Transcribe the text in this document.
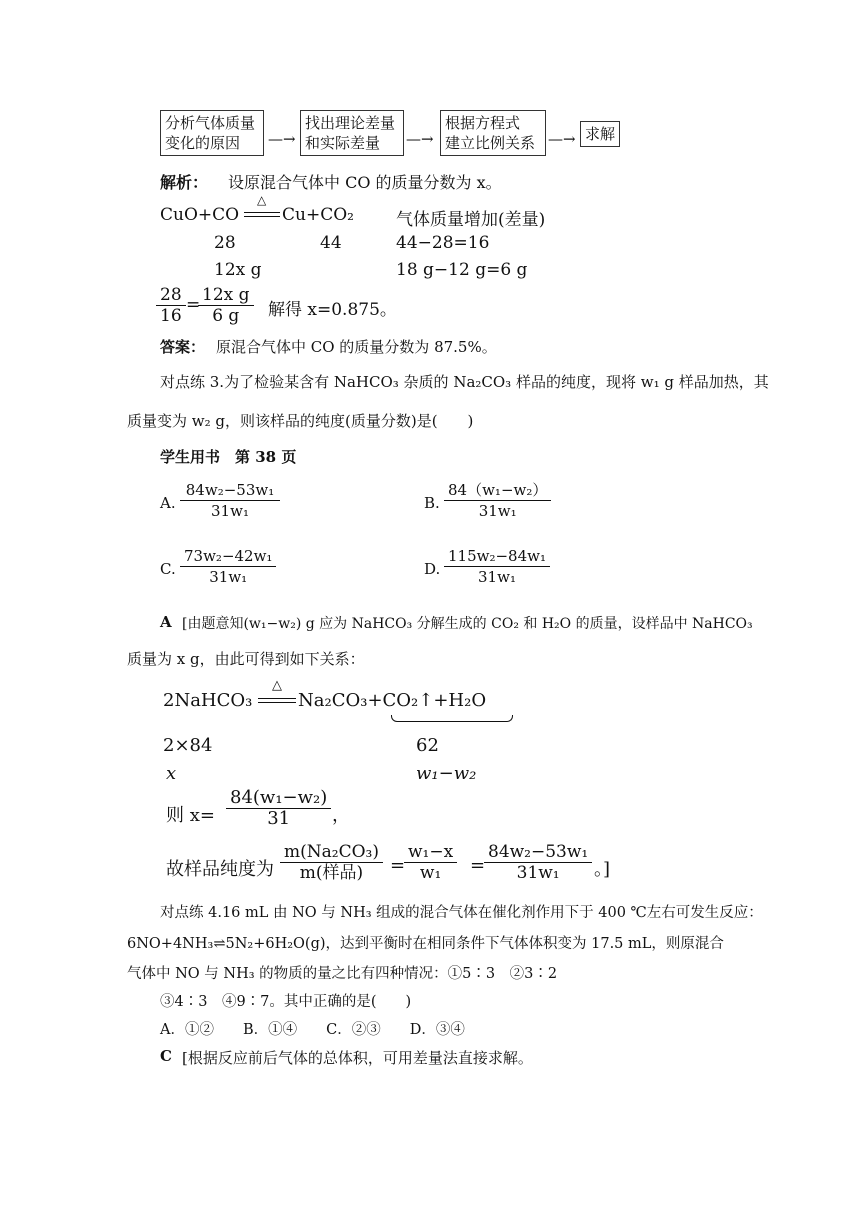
分析气体质量
变化的原因	—→
找出理论差量
和实际差量	—→
根据方程式
建立比例关系 —→ 求解
解析： 设原混合气体中 CO 的质量分数为 x。
CuO+CO
△
Cu+CO₂ 气体质量增加(差量)
28	44	44−28=16
12x g	18 g−12 g=6 g
$\frac{28}{16}$ =
$\frac{\text{12x g}}{6 g}$ 解得 x=0.875。
答案： 原混合气体中 CO 的质量分数为 87.5%。
对点练 3.为了检验某含有 NaHCO₃ 杂质的 Na₂CO₃ 样品的纯度，现将 w₁ g 样品加热，其
质量变为 w₂ g，则该样品的纯度(质量分数)是(　　)
学生用书　第 38 页
A. $\frac{\text{84w₂−53w₁}}{\text{31w₁}}$	B. $\frac{\text{84（w₁−w₂）}}{\text{31w₁}}$
C. $\frac{\text{73w₂−42w₁}}{\text{31w₁}}$	D. $\frac{\text{115w₂−84w₁}}{\text{31w₁}}$
A [由题意知(w₁−w₂) g 应为 NaHCO₃ 分解生成的 CO₂ 和 H₂O 的质量，设样品中 NaHCO₃
质量为 x g，由此可得到如下关系：
2NaHCO₃
△
Na₂CO₃+CO₂↑+H₂O
2×84	62
x	w₁−w₂
则 $x= \frac{\text{84(w₁−w₂)}}{31}$ ，
故样品纯度为
m(Na₂CO₃)
m(样品)	=
$\frac{\text{w₁−x}}{\text{w₁}}$ =
$\frac{\text{84w₂−53w₁}}{\text{31w₁}}$ 。]
对点练 4.16 mL 由 NO 与 NH₃ 组成的混合气体在催化剂作用下于 400 ℃左右可发生反应：
6NO+4NH₃⇌5N₂+6H₂O(g)，达到平衡时在相同条件下气体体积变为 17.5 mL，则原混合
气体中 NO 与 NH₃ 的物质的量之比有四种情况：①5∶3　②3∶2
③4∶3　④9∶7。其中正确的是(　　)
A．①②　　B．①④　　C．②③　　D．③④
C [根据反应前后气体的总体积，可用差量法直接求解。
